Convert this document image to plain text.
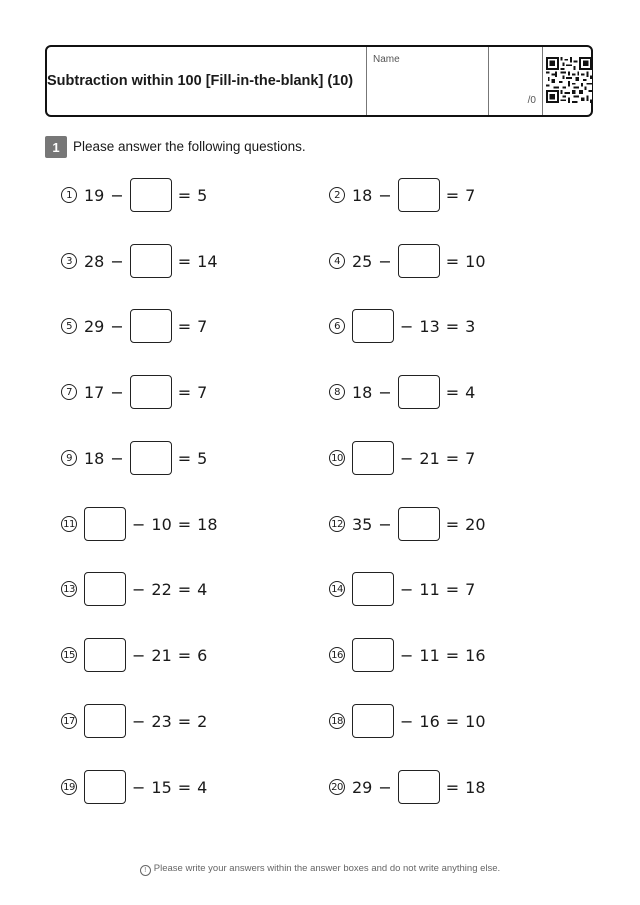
Subtraction within 100 [Fill-in-the-blank] (10)
Name
/0
1 Please answer the following questions.
1 19 −	= 5	2 18 −	= 7
3 28 −	= 14	4 25 −	= 10
5 29 −	= 7	6	− 13 = 3
7 17 −	= 7	8 18 −	= 4
9 18 −	= 5	10	− 21 = 7
11	− 10 = 18	12 35 −	= 20
13	− 22 = 4	14	− 11 = 7
15	− 21 = 6	16	− 11 = 16
17	− 23 = 2	18	− 16 = 10
19	− 15 = 4	20 29 −	= 18
! Please write your answers within the answer boxes and do not write anything else.
